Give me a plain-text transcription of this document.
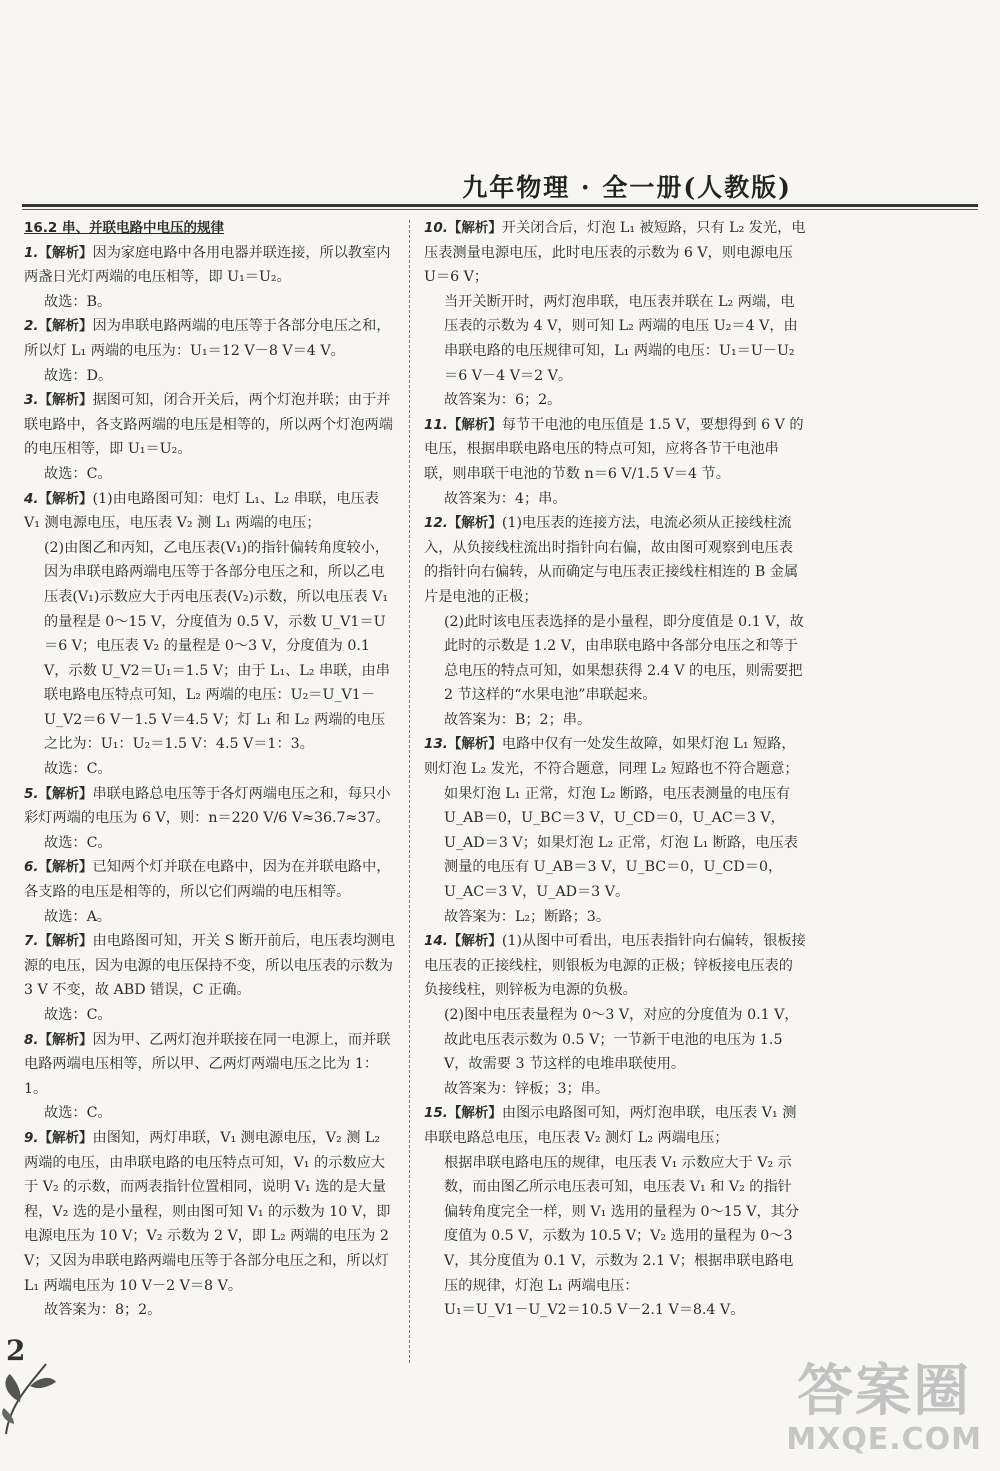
九年物理 · 全一册(人教版)
16.2 串、并联电路中电压的规律
1.【解析】因为家庭电路中各用电器并联连接，所以教室内两盏日光灯两端的电压相等，即 U₁＝U₂。
故选：B。
2.【解析】因为串联电路两端的电压等于各部分电压之和，所以灯 L₁ 两端的电压为：U₁＝12 V－8 V＝4 V。
故选：D。
3.【解析】据图可知，闭合开关后，两个灯泡并联；由于并联电路中，各支路两端的电压是相等的，所以两个灯泡两端的电压相等，即 U₁＝U₂。
故选：C。
4.【解析】(1)由电路图可知：电灯 L₁、L₂ 串联，电压表 V₁ 测电源电压，电压表 V₂ 测 L₁ 两端的电压；
(2)由图乙和丙知，乙电压表(V₁)的指针偏转角度较小，因为串联电路两端电压等于各部分电压之和，所以乙电压表(V₁)示数应大于丙电压表(V₂)示数，所以电压表 V₁ 的量程是 0～15 V，分度值为 0.5 V，示数 U_V1＝U＝6 V；电压表 V₂ 的量程是 0～3 V，分度值为 0.1 V，示数 U_V2＝U₁＝1.5 V；由于 L₁、L₂ 串联，由串联电路电压特点可知，L₂ 两端的电压：U₂＝U_V1－U_V2＝6 V－1.5 V＝4.5 V；灯 L₁ 和 L₂ 两端的电压之比为：U₁：U₂＝1.5 V：4.5 V＝1：3。
故选：C。
5.【解析】串联电路总电压等于各灯两端电压之和，每只小彩灯两端的电压为 6 V，则：n＝220 V/6 V≈36.7≈37。
故选：C。
6.【解析】已知两个灯并联在电路中，因为在并联电路中，各支路的电压是相等的，所以它们两端的电压相等。
故选：A。
7.【解析】由电路图可知，开关 S 断开前后，电压表均测电源的电压，因为电源的电压保持不变，所以电压表的示数为 3 V 不变，故 ABD 错误，C 正确。
故选：C。
8.【解析】因为甲、乙两灯泡并联接在同一电源上，而并联电路两端电压相等，所以甲、乙两灯两端电压之比为 1：1。
故选：C。
9.【解析】由图知，两灯串联，V₁ 测电源电压，V₂ 测 L₂ 两端的电压，由串联电路的电压特点可知，V₁ 的示数应大于 V₂ 的示数，而两表指针位置相同，说明 V₁ 选的是大量程，V₂ 选的是小量程，则由图可知 V₁ 的示数为 10 V，即电源电压为 10 V；V₂ 示数为 2 V，即 L₂ 两端的电压为 2 V；又因为串联电路两端电压等于各部分电压之和，所以灯 L₁ 两端电压为 10 V－2 V＝8 V。
故答案为：8；2。
10.【解析】开关闭合后，灯泡 L₁ 被短路，只有 L₂ 发光，电压表测量电源电压，此时电压表的示数为 6 V，则电源电压 U＝6 V；
当开关断开时，两灯泡串联，电压表并联在 L₂ 两端，电压表的示数为 4 V，则可知 L₂ 两端的电压 U₂＝4 V，由串联电路的电压规律可知，L₁ 两端的电压：U₁＝U－U₂＝6 V－4 V＝2 V。
故答案为：6；2。
11.【解析】每节干电池的电压值是 1.5 V，要想得到 6 V 的电压，根据串联电路电压的特点可知，应将各节干电池串联，则串联干电池的节数 n＝6 V/1.5 V＝4 节。
故答案为：4；串。
12.【解析】(1)电压表的连接方法，电流必须从正接线柱流入，从负接线柱流出时指针向右偏，故由图可观察到电压表的指针向右偏转，从而确定与电压表正接线柱相连的 B 金属片是电池的正极；
(2)此时该电压表选择的是小量程，即分度值是 0.1 V，故此时的示数是 1.2 V，由串联电路中各部分电压之和等于总电压的特点可知，如果想获得 2.4 V 的电压，则需要把 2 节这样的“水果电池”串联起来。
故答案为：B；2；串。
13.【解析】电路中仅有一处发生故障，如果灯泡 L₁ 短路，则灯泡 L₂ 发光，不符合题意，同理 L₂ 短路也不符合题意；
如果灯泡 L₁ 正常，灯泡 L₂ 断路，电压表测量的电压有 U_AB＝0，U_BC＝3 V，U_CD＝0，U_AC＝3 V，U_AD＝3 V；如果灯泡 L₂ 正常，灯泡 L₁ 断路，电压表测量的电压有 U_AB＝3 V，U_BC＝0，U_CD＝0，U_AC＝3 V，U_AD＝3 V。
故答案为：L₂；断路；3。
14.【解析】(1)从图中可看出，电压表指针向右偏转，银板接电压表的正接线柱，则银板为电源的正极；锌板接电压表的负接线柱，则锌板为电源的负极。
(2)图中电压表量程为 0～3 V，对应的分度值为 0.1 V，故此电压表示数为 0.5 V；一节新干电池的电压为 1.5 V，故需要 3 节这样的电堆串联使用。
故答案为：锌板；3；串。
15.【解析】由图示电路图可知，两灯泡串联，电压表 V₁ 测串联电路总电压，电压表 V₂ 测灯 L₂ 两端电压；
根据串联电路电压的规律，电压表 V₁ 示数应大于 V₂ 示数，而由图乙所示电压表可知，电压表 V₁ 和 V₂ 的指针偏转角度完全一样，则 V₁ 选用的量程为 0～15 V，其分度值为 0.5 V，示数为 10.5 V；V₂ 选用的量程为 0～3 V，其分度值为 0.1 V，示数为 2.1 V；根据串联电路电压的规律，灯泡 L₁ 两端电压：
U₁＝U_V1－U_V2＝10.5 V－2.1 V＝8.4 V。
2
答案圈
MXQE.COM
